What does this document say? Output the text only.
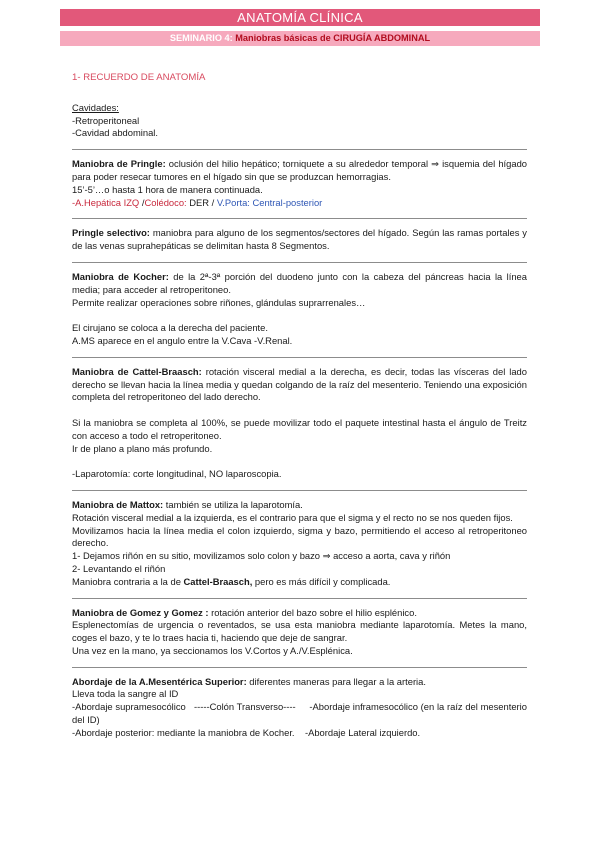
ANATOMÍA CLÍNICA
SEMINARIO 4: Maniobras básicas de CIRUGÍA ABDOMINAL
1- RECUERDO DE ANATOMÍA

Cavidades:

-Retroperitoneal

-Cavidad abdominal.

Maniobra de Pringle: oclusión del hilio hepático; torniquete a su alrededor temporal ⇒ isquemia del hígado para poder resecar tumores en el hígado sin que se produzcan hemorragias.

15’-5’…o hasta 1 hora de manera continuada.

-A.Hepática IZQ /Colédoco: DER / V.Porta: Central-posterior

Pringle selectivo: maniobra para alguno de los segmentos/sectores del hígado. Según las ramas portales y de las venas suprahepáticas se delimitan hasta 8 Segmentos.

Maniobra de Kocher: de la 2ª-3ª porción del duodeno junto con la cabeza del páncreas hacia la línea media; para acceder al retroperitoneo.

Permite realizar operaciones sobre riñones, glándulas suprarrenales…

El cirujano se coloca a la derecha del paciente.

A.MS aparece en el angulo entre la V.Cava -V.Renal.

Maniobra de Cattel-Braasch: rotación visceral medial a la derecha, es decir, todas las vísceras del lado derecho se llevan hacia la línea media y quedan colgando de la raíz del mesenterio. Teniendo una exposición completa del retroperitoneo del lado derecho.

Si la maniobra se completa al 100%, se puede movilizar todo el paquete intestinal hasta el ángulo de Treitz con acceso a todo el retroperitoneo.

Ir de plano a plano más profundo.

-Laparotomía: corte longitudinal, NO laparoscopia.

Maniobra de Mattox: también se utiliza la laparotomía.

Rotación visceral medial a la izquierda, es el contrario para que el sigma y el recto no se nos queden fijos.

Movilizamos hacia la línea media el colon izquierdo, sigma y bazo, permitiendo el acceso al retroperitoneo derecho.

1- Dejamos riñón en su sitio, movilizamos solo colon y bazo ⇒ acceso a aorta, cava y riñón

2- Levantando el riñón

Maniobra contraria a la de Cattel-Braasch, pero es más difícil y complicada.

Maniobra de Gomez y Gomez : rotación anterior del bazo sobre el hilio esplénico.

Esplenectomías de urgencia o reventados, se usa esta maniobra mediante laparotomía. Metes la mano, coges el bazo, y te lo traes hacia ti, haciendo que deje de sangrar.

Una vez en la mano, ya seccionamos los V.Cortos y A./V.Esplénica.

Abordaje de la A.Mesentérica Superior: diferentes maneras para llegar a la arteria.

Lleva toda la sangre al ID

-Abordaje supramesocólico -----Colón Transverso---- -Abordaje inframesocólico (en la raíz del mesenterio del ID)

-Abordaje posterior: mediante la maniobra de Kocher. -Abordaje Lateral izquierdo.
